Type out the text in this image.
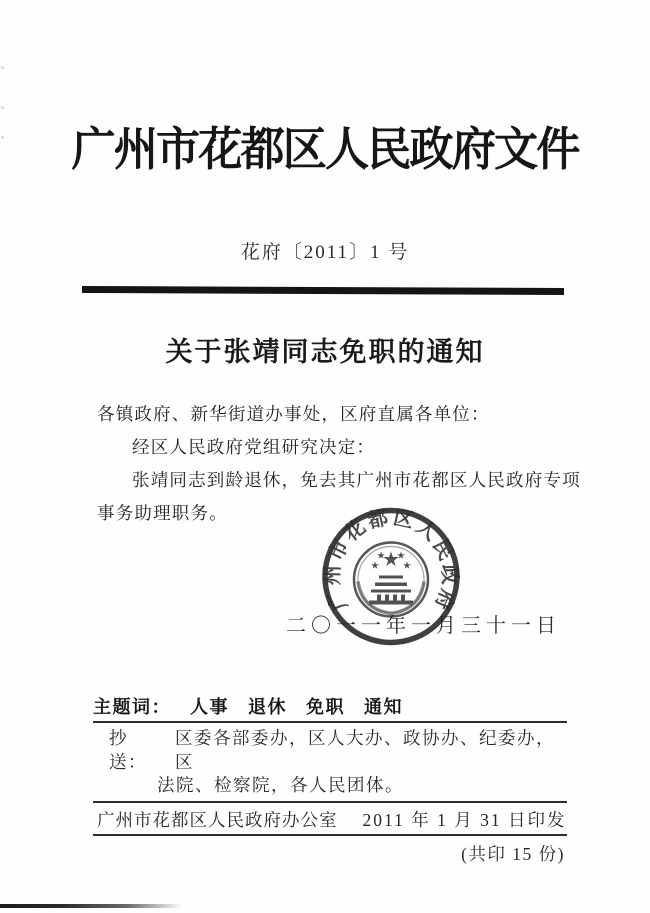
广州市花都区人民政府文件
花府〔2011〕1 号
关于张靖同志免职的通知
各镇政府、新华街道办事处，区府直属各单位：
经区人民政府党组研究决定：
张靖同志到龄退休，免去其广州市花都区人民政府专项
事务助理职务。
二〇一一年一月三十一日
广州市花都区人民政府
主题词： 人事 退休 免职 通知
抄送：
区委各部委办，区人大办、政协办、纪委办，区
法院、检察院，各人民团体。
广州市花都区人民政府办公室 2011 年 1 月 31 日印发
(共印 15 份)
